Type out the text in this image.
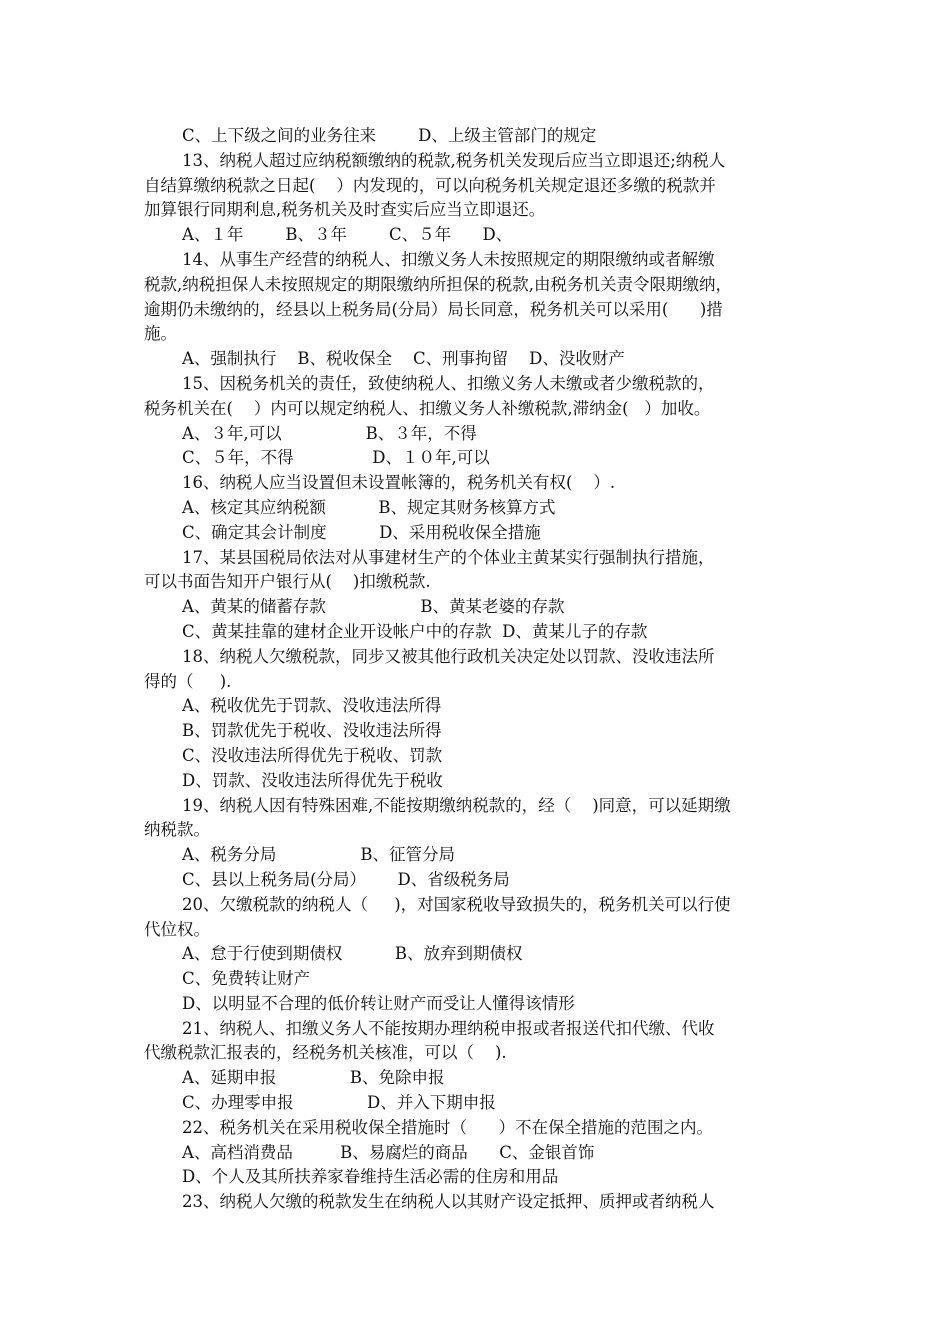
C、上下级之间的业务往来        D、上级主管部门的规定
13、纳税人超过应纳税额缴纳的税款,税务机关发现后应当立即退还;纳税人
自结算缴纳税款之日起(    ）内发现的，可以向税务机关规定退还多缴的税款并
加算银行同期利息,税务机关及时查实后应当立即退还。
A、１年        B、３年        C、５年      D、
14、从事生产经营的纳税人、扣缴义务人未按照规定的期限缴纳或者解缴
税款,纳税担保人未按照规定的期限缴纳所担保的税款,由税务机关责令限期缴纳，
逾期仍未缴纳的，经县以上税务局(分局）局长同意，税务机关可以采用(      )措
施。
A、强制执行    B、税收保全    C、刑事拘留    D、没收财产
15、因税务机关的责任，致使纳税人、扣缴义务人未缴或者少缴税款的，
税务机关在(    ）内可以规定纳税人、扣缴义务人补缴税款,滞纳金(   ）加收。
A、３年,可以                B、３年，不得
C、５年，不得               D、１０年,可以
16、纳税人应当设置但未设置帐簿的，税务机关有权(    ）.
A、核定其应纳税额          B、规定其财务核算方式
C、确定其会计制度          D、采用税收保全措施
17、某县国税局依法对从事建材生产的个体业主黄某实行强制执行措施，
可以书面告知开户银行从(    )扣缴税款.
A、黄某的储蓄存款                  B、黄某老婆的存款
C、黄某挂靠的建材企业开设帐户中的存款  D、黄某儿子的存款
18、纳税人欠缴税款，同步又被其他行政机关决定处以罚款、没收违法所
得的（     ).
A、税收优先于罚款、没收违法所得
B、罚款优先于税收、没收违法所得
C、没收违法所得优先于税收、罚款
D、罚款、没收违法所得优先于税收
19、纳税人因有特殊困难,不能按期缴纳税款的，经（    )同意，可以延期缴
纳税款。
A、税务分局                B、征管分局
C、县以上税务局(分局）      D、省级税务局
20、欠缴税款的纳税人（     )，对国家税收导致损失的，税务机关可以行使
代位权。
A、怠于行使到期债权          B、放弃到期债权
C、免费转让财产
D、以明显不合理的低价转让财产而受让人懂得该情形
21、纳税人、扣缴义务人不能按期办理纳税申报或者报送代扣代缴、代收
代缴税款汇报表的，经税务机关核准，可以（    ).
A、延期申报              B、免除申报
C、办理零申报              D、并入下期申报
22、税务机关在采用税收保全措施时（      ）不在保全措施的范围之内。
A、高档消费品         B、易腐烂的商品      C、金银首饰
D、个人及其所扶养家眷维持生活必需的住房和用品
23、纳税人欠缴的税款发生在纳税人以其财产设定抵押、质押或者纳税人
